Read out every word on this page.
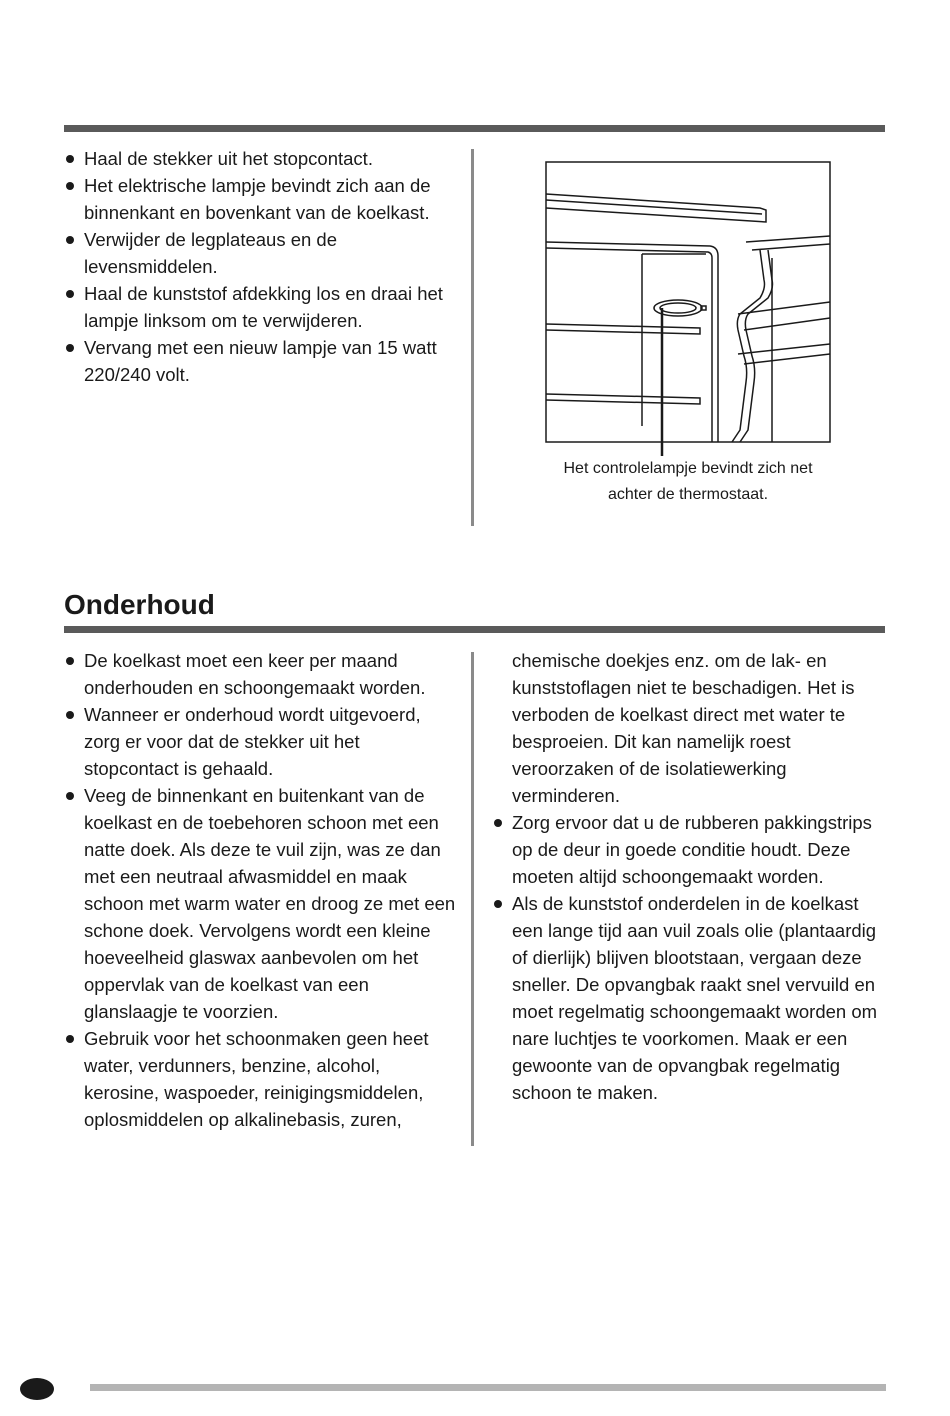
Haal de stekker uit het stopcontact.
Het elektrische lampje bevindt zich aan de binnenkant en bovenkant van de koelkast.
Verwijder de legplateaus en de levensmiddelen.
Haal de kunststof afdekking los en draai het lampje linksom om te verwijderen.
Vervang met een nieuw lampje van 15 watt 220/240 volt.
Het controlelampje bevindt zich net achter de thermostaat.
Onderhoud
De koelkast moet een keer per maand onderhouden en schoongemaakt worden.
Wanneer er onderhoud wordt uitgevoerd, zorg er voor dat de stekker uit het stopcontact is gehaald.
Veeg de binnenkant en buitenkant van de koelkast en de toebehoren schoon met een natte doek. Als deze te vuil zijn, was ze dan met een neutraal afwasmiddel en maak schoon met warm water en droog ze met een schone doek. Vervolgens wordt een kleine hoeveelheid glaswax aanbevolen om het oppervlak van de koelkast van een glanslaagje te voorzien.
Gebruik voor het schoonmaken geen heet water, verdunners, benzine, alcohol, kerosine, waspoeder, reinigingsmiddelen, oplosmiddelen op alkalinebasis, zuren,

chemische doekjes enz. om de lak- en kunststoflagen niet te beschadigen. Het is verboden de koelkast direct met water te besproeien. Dit kan namelijk roest veroorzaken of de isolatiewerking verminderen.

Zorg ervoor dat u de rubberen pakkingstrips op de deur in goede conditie houdt. Deze moeten altijd schoongemaakt worden.
Als de kunststof onderdelen in de koelkast een lange tijd aan vuil zoals olie (plantaardig of dierlijk) blijven blootstaan, vergaan deze sneller. De opvangbak raakt snel vervuild en moet regelmatig schoongemaakt worden om nare luchtjes te voorkomen. Maak er een gewoonte van de opvangbak regelmatig schoon te maken.
